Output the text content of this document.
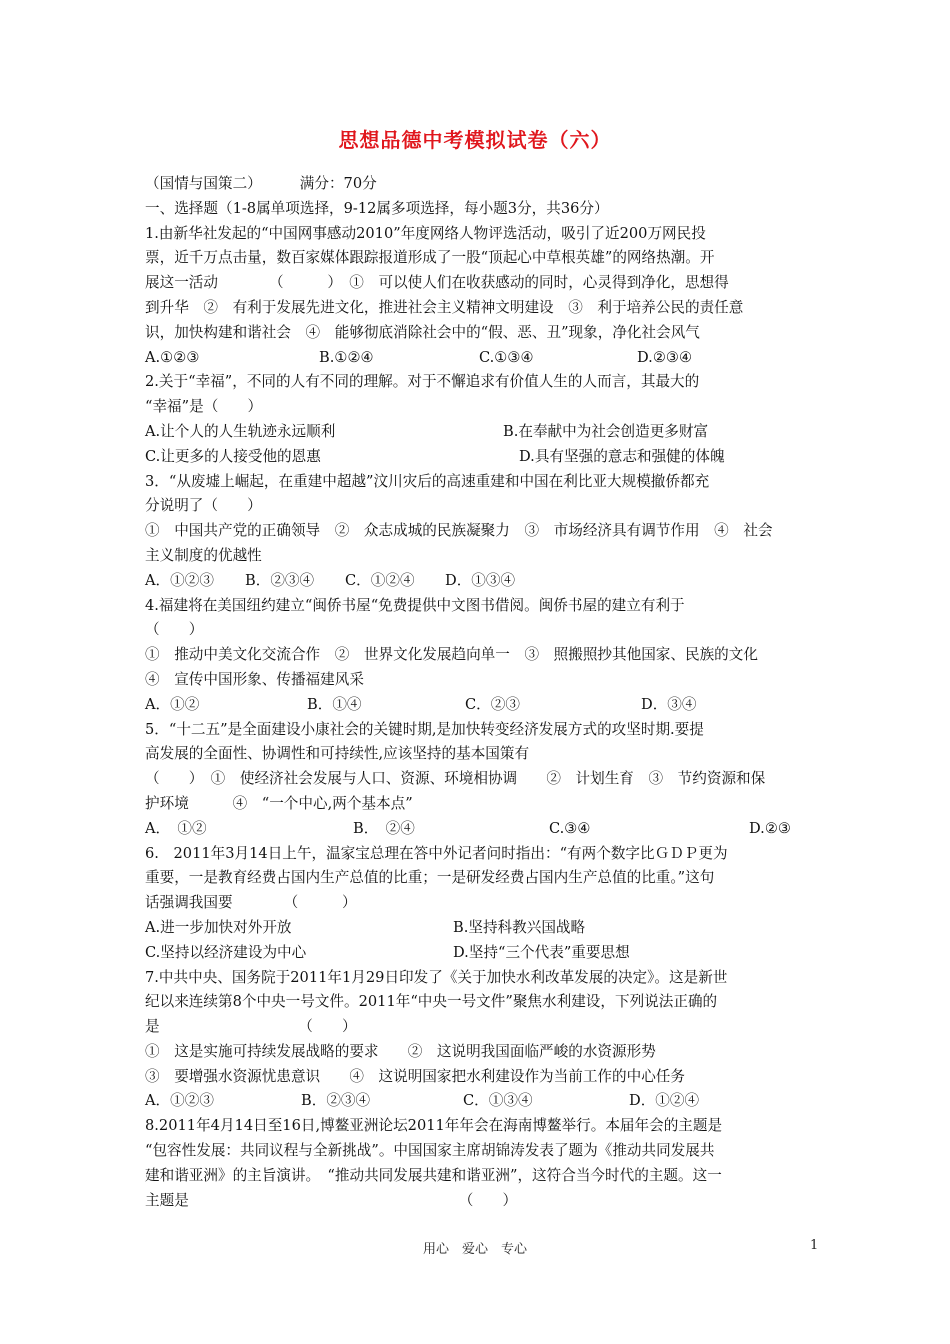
思想品德中考模拟试卷（六）
（国情与国策二）	满分：70分
一、选择题（1-8属单项选择，9-12属多项选择，每小题3分，共36分）
1.由新华社发起的“中国网事感动2010”年度网络人物评选活动，吸引了近200万网民投
票，近千万点击量，数百家媒体跟踪报道形成了一股“顶起心中草根英雄”的网络热潮。开
展这一活动　　　　（　　　）　①　可以使人们在收获感动的同时，心灵得到净化，思想得
到升华　②　有利于发展先进文化，推进社会主义精神文明建设　③　利于培养公民的责任意
识，加快构建和谐社会　④　能够彻底消除社会中的“假、恶、丑”现象，净化社会风气
A.①②③	B.①②④	C.①③④	D.②③④
2.关于“幸福”，不同的人有不同的理解。对于不懈追求有价值人生的人而言，其最大的
“幸福”是（　　）
A.让个人的人生轨迹永远顺利	B.在奉献中为社会创造更多财富
C.让更多的人接受他的恩惠	D.具有坚强的意志和强健的体魄
3．“从废墟上崛起，在重建中超越”汶川灾后的高速重建和中国在利比亚大规模撤侨都充
分说明了（　　）
①　中国共产党的正确领导　②　众志成城的民族凝聚力　③　市场经济具有调节作用　④　社会
主义制度的优越性
A．①②③	B．②③④	C．①②④	D．①③④
4.福建将在美国纽约建立“闽侨书屋“免费提供中文图书借阅。闽侨书屋的建立有利于
（　　）
①　推动中美文化交流合作　②　世界文化发展趋向单一　③　照搬照抄其他国家、民族的文化
④　宣传中国形象、传播福建风采
A．①②	B．①④	C．②③	D．③④
5．“十二五”是全面建设小康社会的关键时期,是加快转变经济发展方式的攻坚时期.要提
高发展的全面性、协调性和可持续性,应该坚持的基本国策有
（　　）　①　使经济社会发展与人口、资源、环境相协调　　②　计划生育　③　节约资源和保
护环境　　　④　“一个中心,两个基本点”
A．　①②	B．　②④	C.③④	D.②③
6.　2011年3月14日上午，温家宝总理在答中外记者问时指出：“有两个数字比ＧＤＰ更为
重要，一是教育经费占国内生产总值的比重；一是研发经费占国内生产总值的比重。”这句
话强调我国要　　　　（　　　）
A.进一步加快对外开放	B.坚持科教兴国战略
C.坚持以经济建设为中心	D.坚持“三个代表”重要思想
7.中共中央、国务院于2011年1月29日印发了《关于加快水利改革发展的决定》。这是新世
纪以来连续第8个中央一号文件。2011年“中央一号文件”聚焦水利建设，下列说法正确的
是　　　　　　　　　　（　　）
①　这是实施可持续发展战略的要求　　②　这说明我国面临严峻的水资源形势
③　要增强水资源忧患意识　　④　这说明国家把水利建设作为当前工作的中心任务
A．①②③	B．②③④	C．①③④	D．①②④
8.2011年4月14日至16日,博鳌亚洲论坛2011年年会在海南博鳌举行。本届年会的主题是
“包容性发展：共同议程与全新挑战”。中国国家主席胡锦涛发表了题为《推动共同发展共
建和谐亚洲》的主旨演讲。　“推动共同发展共建和谐亚洲”，这符合当今时代的主题。这一
主题是　　　　　　　　　　　　　　　　　　　（　　）
用心　爱心　专心	1
